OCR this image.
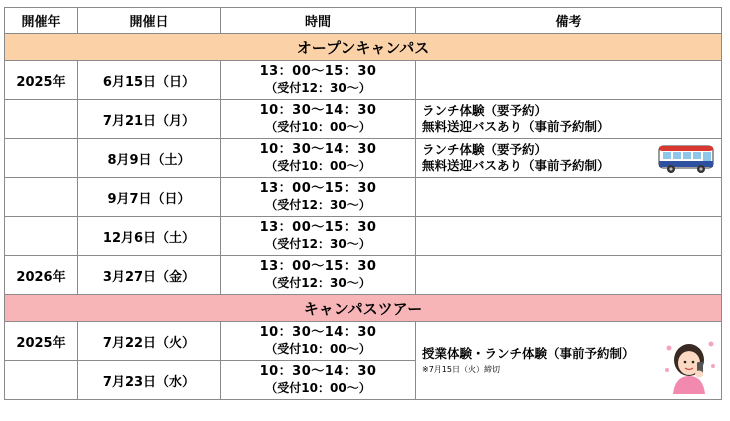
開催年	開催日	時間	備考
オープンキャンパス			
2025年	6月15日（日）	13：00～15：30
（受付12：30～）	

	7月21日（月）	10：30～14：30
（受付10：00～）	ランチ体験（要予約）
無料送迎バスあり（事前予約制）

	8月9日（土）	10：30～14：30
（受付10：00～）	ランチ体験（要予約）
無料送迎バスあり（事前予約制）

	9月7日（日）	13：00～15：30
（受付12：30～）	

	12月6日（土）	13：00～15：30
（受付12：30～）	

2026年	3月27日（金）	13：00～15：30
（受付12：30～）	

キャンパスツアー			
2025年	7月22日（火）	10：30～14：30
（受付10：00～）	授業体験・ランチ体験（事前予約制）
※7月15日（火）締切

	7月23日（水）	10：30～14：30
（受付10：00～）	
